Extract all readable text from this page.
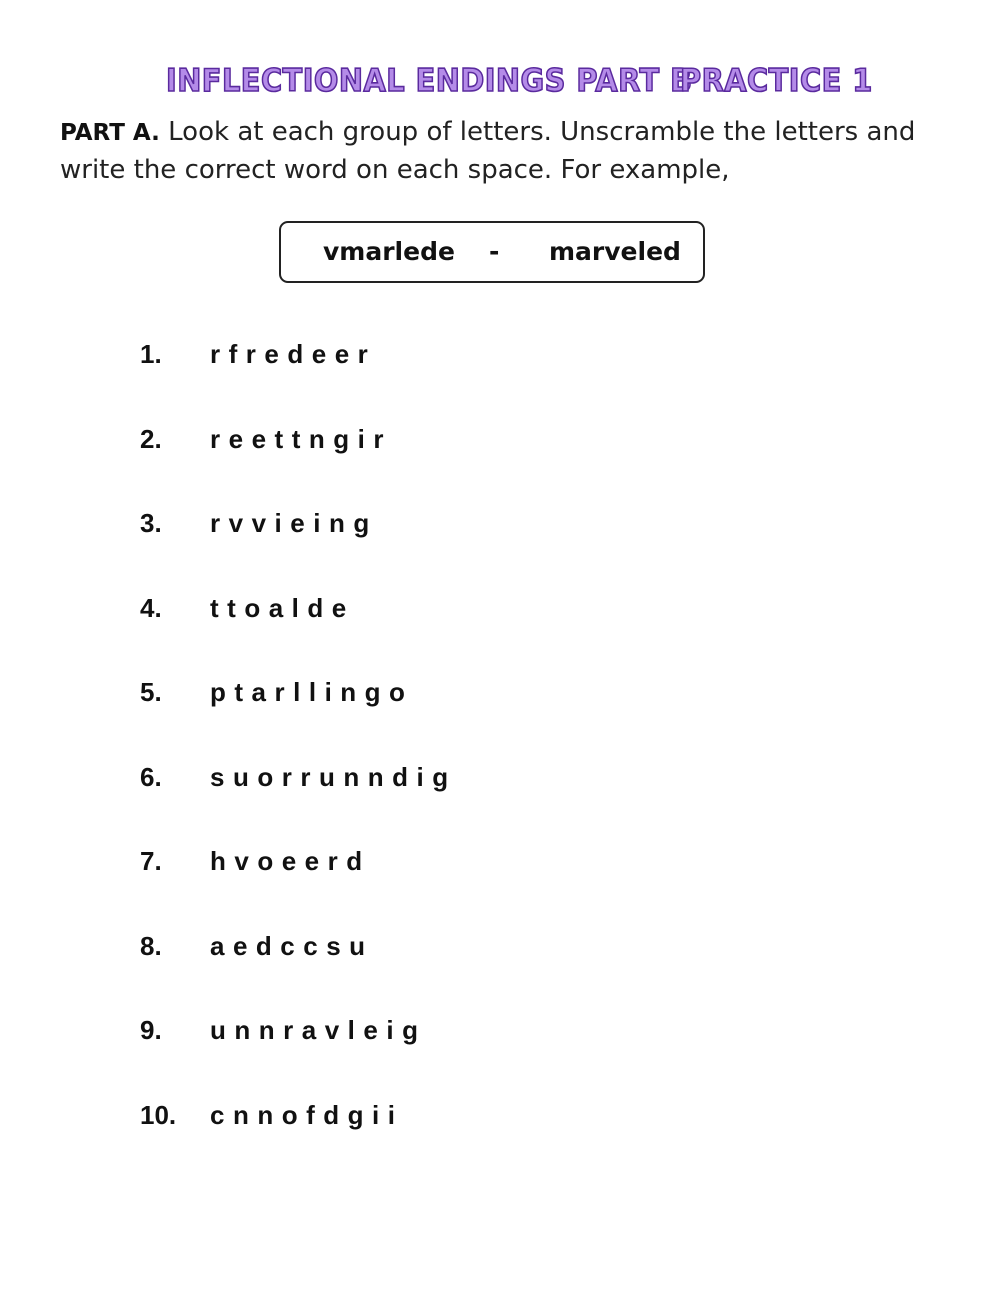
INFLECTIONAL ENDINGS PART B
PRACTICE 1
PART A. Look at each group of letters. Unscramble the letters and write the correct word on each space. For example,
vmarlede - marveled
1. rfredeer
2. reettngir
3. rvvieing
4. ttoalde
5. ptarllingo
6. suorrunndig
7. hvoeerd
8. aedccsu
9. unnravleig
10. cnnofdgii
